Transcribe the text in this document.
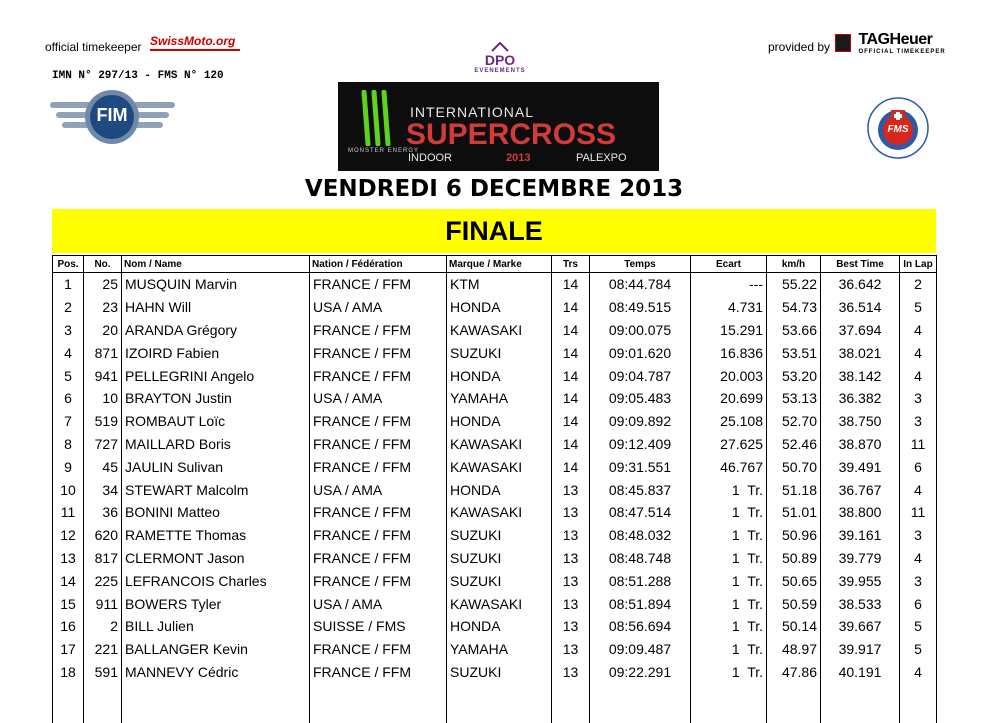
official timekeeper SwissMoto.org
IMN N° 297/13 - FMS N° 120
FIM
DPO
EVENEMENTS
provided by	TAGHeuer
OFFICIAL TIMEKEEPER
FMS
MONSTER ENERGY
INTERNATIONAL
SUPERCROSS
INDOOR	2013	PALEXPO
VENDREDI 6 DECEMBRE 2013
FINALE
Pos.	No.	Nom / Name	Nation / Fédération	Marque / Marke	Trs	Temps	Ecart	km/h	Best Time	In Lap
1	25	MUSQUIN Marvin	FRANCE / FFM	KTM	14	08:44.784	---	55.22	36.642	2
2	23	HAHN Will	USA / AMA	HONDA	14	08:49.515	4.731	54.73	36.514	5
3	20	ARANDA Grégory	FRANCE / FFM	KAWASAKI	14	09:00.075	15.291	53.66	37.694	4
4	871	IZOIRD Fabien	FRANCE / FFM	SUZUKI	14	09:01.620	16.836	53.51	38.021	4
5	941	PELLEGRINI Angelo	FRANCE / FFM	HONDA	14	09:04.787	20.003	53.20	38.142	4
6	10	BRAYTON Justin	USA / AMA	YAMAHA	14	09:05.483	20.699	53.13	36.382	3
7	519	ROMBAUT Loïc	FRANCE / FFM	HONDA	14	09:09.892	25.108	52.70	38.750	3
8	727	MAILLARD Boris	FRANCE / FFM	KAWASAKI	14	09:12.409	27.625	52.46	38.870	11
9	45	JAULIN Sulivan	FRANCE / FFM	KAWASAKI	14	09:31.551	46.767	50.70	39.491	6
10	34	STEWART Malcolm	USA / AMA	HONDA	13	08:45.837	1  Tr.	51.18	36.767	4
11	36	BONINI Matteo	FRANCE / FFM	KAWASAKI	13	08:47.514	1  Tr.	51.01	38.800	11
12	620	RAMETTE Thomas	FRANCE / FFM	SUZUKI	13	08:48.032	1  Tr.	50.96	39.161	3
13	817	CLERMONT Jason	FRANCE / FFM	SUZUKI	13	08:48.748	1  Tr.	50.89	39.779	4
14	225	LEFRANCOIS Charles	FRANCE / FFM	SUZUKI	13	08:51.288	1  Tr.	50.65	39.955	3
15	911	BOWERS Tyler	USA / AMA	KAWASAKI	13	08:51.894	1  Tr.	50.59	38.533	6
16	2	BILL Julien	SUISSE / FMS	HONDA	13	08:56.694	1  Tr.	50.14	39.667	5
17	221	BALLANGER Kevin	FRANCE / FFM	YAMAHA	13	09:09.487	1  Tr.	48.97	39.917	5
18	591	MANNEVY Cédric	FRANCE / FFM	SUZUKI	13	09:22.291	1  Tr.	47.86	40.191	4
